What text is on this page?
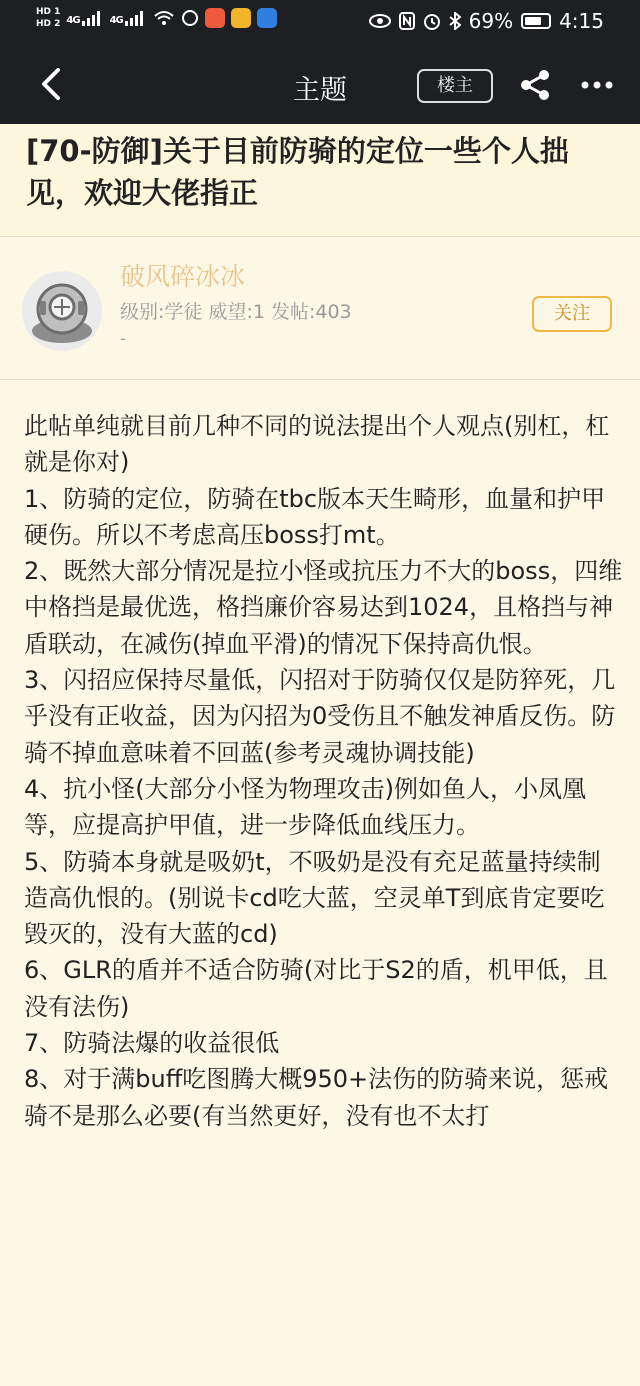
HD 1
HD 2 4G	4G	69% 4:15
主题	楼主
[70-防御]关于目前防骑的定位一些个人拙见，欢迎大佬指正
破风碎冰冰
级别:学徒 威望:1 发帖:403
-
关注

此帖单纯就目前几种不同的说法提出个人观点(别杠，杠就是你对)

1、防骑的定位，防骑在tbc版本天生畸形，血量和护甲硬伤。所以不考虑高压boss打mt。

2、既然大部分情况是拉小怪或抗压力不大的boss，四维中格挡是最优选，格挡廉价容易达到1024，且格挡与神盾联动，在减伤(掉血平滑)的情况下保持高仇恨。

3、闪招应保持尽量低，闪招对于防骑仅仅是防猝死，几乎没有正收益，因为闪招为0受伤且不触发神盾反伤。防骑不掉血意味着不回蓝(参考灵魂协调技能)

4、抗小怪(大部分小怪为物理攻击)例如鱼人，小凤凰等，应提高护甲值，进一步降低血线压力。

5、防骑本身就是吸奶t，不吸奶是没有充足蓝量持续制造高仇恨的。(别说卡cd吃大蓝，空灵单T到底肯定要吃毁灭的，没有大蓝的cd)

6、GLR的盾并不适合防骑(对比于S2的盾，机甲低，且没有法伤)

7、防骑法爆的收益很低

8、对于满buff吃图腾大概950+法伤的防骑来说，惩戒骑不是那么必要(有当然更好，没有也不太打
